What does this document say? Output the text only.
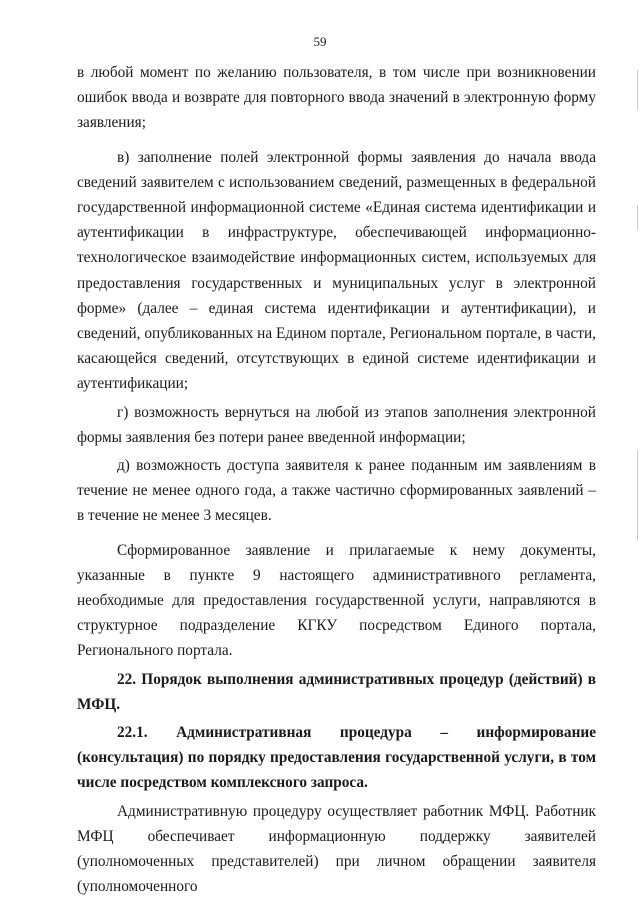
59

в любой момент по желанию пользователя, в том числе при возникновении ошибок ввода и возврате для повторного ввода значений в электронную форму заявления;

в) заполнение полей электронной формы заявления до начала ввода сведений заявителем с использованием сведений, размещенных в федеральной государственной информационной системе «Единая система идентификации и аутентификации в инфраструктуре, обеспечивающей информационно-технологическое взаимодействие информационных систем, используемых для предоставления государственных и муниципальных услуг в электронной форме» (далее – единая система идентификации и аутентификации), и сведений, опубликованных на Едином портале, Региональном портале, в части, касающейся сведений, отсутствующих в единой системе идентификации и аутентификации;

г) возможность вернуться на любой из этапов заполнения электронной формы заявления без потери ранее введенной информации;

д) возможность доступа заявителя к ранее поданным им заявлениям в течение не менее одного года, а также частично сформированных заявлений – в течение не менее 3 месяцев.

Сформированное заявление и прилагаемые к нему документы, указанные в пункте 9 настоящего административного регламента, необходимые для предоставления государственной услуги, направляются в структурное подразделение КГКУ посредством Единого портала, Регионального портала.

22. Порядок выполнения административных процедур (действий) в МФЦ.

22.1. Административная процедура – информирование (консультация) по порядку предоставления государственной услуги, в том числе посредством комплексного запроса.

Административную процедуру осуществляет работник МФЦ. Работник МФЦ обеспечивает информационную поддержку заявителей (уполномоченных представителей) при личном обращении заявителя (уполномоченного
